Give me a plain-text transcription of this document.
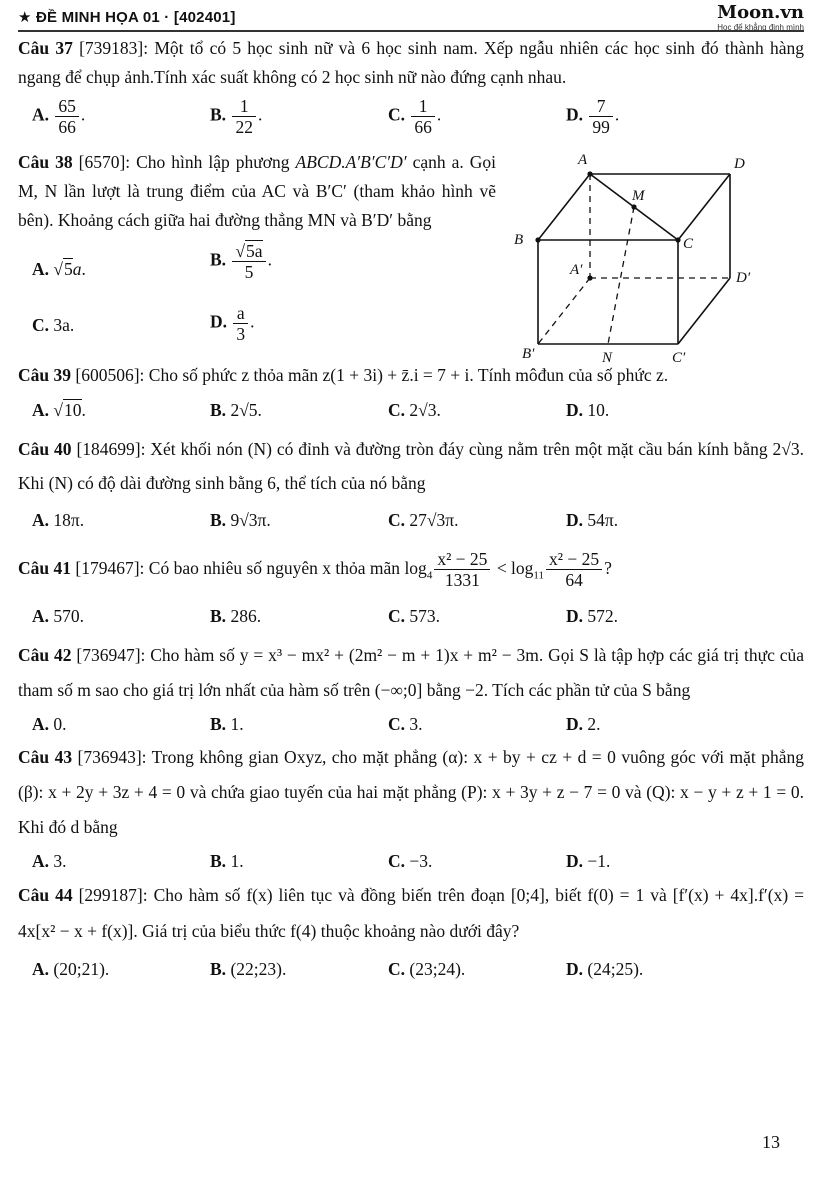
★ ĐỀ MINH HỌA 01 · [402401]	Moon.vn
Học để khẳng định mình

Câu 37 [739183]: Một tổ có 5 học sinh nữ và 6 học sinh nam. Xếp ngẫu nhiên các học sinh đó thành hàng ngang để chụp ảnh.Tính xác suất không có 2 học sinh nữ nào đứng cạnh nhau.

A. $\frac{65}{66}$ .	B. $\frac{1}{22}$ .	C. $\frac{1}{66}$ .	D. $\frac{7}{99}$ .

Câu 38 [6570]: Cho hình lập phương ABCD.A′B′C′D′ cạnh a. Gọi M, N lần lượt là trung điểm của AC và B′C′ (tham khảo hình vẽ bên). Khoảng cách giữa hai đường thẳng MN và B′D′ bằng

A. √5a.	B. $\frac{√5a}{5}$ .
C. 3a.	D. $\frac{a}{3}$ .

Câu 39 [600506]: Cho số phức z thỏa mãn z(1 + 3i) + z̄.i = 7 + i. Tính môđun của số phức z.

A. √10.	B. 2√5.	C. 2√3.	D. 10.

Câu 40 [184699]: Xét khối nón (N) có đỉnh và đường tròn đáy cùng nằm trên một mặt cầu bán kính bằng 2√3. Khi (N) có độ dài đường sinh bằng 6, thể tích của nó bằng

A. 18π.	B. 9√3π.	C. 27√3π.	D. 54π.

Câu 41 [179467]: Có bao nhiêu số nguyên x thỏa mãn $\log_4 \frac{\text{x² − 25}}{1331} < \log_{11} \frac{\text{x² − 25}}{64}$ ?

A. 570.	B. 286.	C. 573.	D. 572.

Câu 42 [736947]: Cho hàm số y = x³ − mx² + (2m² − m + 1)x + m² − 3m. Gọi S là tập hợp các giá trị thực của tham số m sao cho giá trị lớn nhất của hàm số trên (−∞;0] bằng −2. Tích các phần tử của S bằng

A. 0.	B. 1.	C. 3.	D. 2.

Câu 43 [736943]: Trong không gian Oxyz, cho mặt phẳng (α): x + by + cz + d = 0 vuông góc với mặt phẳng (β): x + 2y + 3z + 4 = 0 và chứa giao tuyến của hai mặt phẳng (P): x + 3y + z − 7 = 0 và (Q): x − y + z + 1 = 0. Khi đó d bằng

A. 3.	B. 1.	C. −3.	D. −1.

Câu 44 [299187]: Cho hàm số f(x) liên tục và đồng biến trên đoạn [0;4], biết f(0) = 1 và [f′(x) + 4x].f′(x) = 4x[x² − x + f(x)]. Giá trị của biểu thức f(4) thuộc khoảng nào dưới đây?

A. (20;21).	B. (22;23).	C. (23;24).	D. (24;25).
A	D
M
B	C
A′	D′
B′	N	C′
13
